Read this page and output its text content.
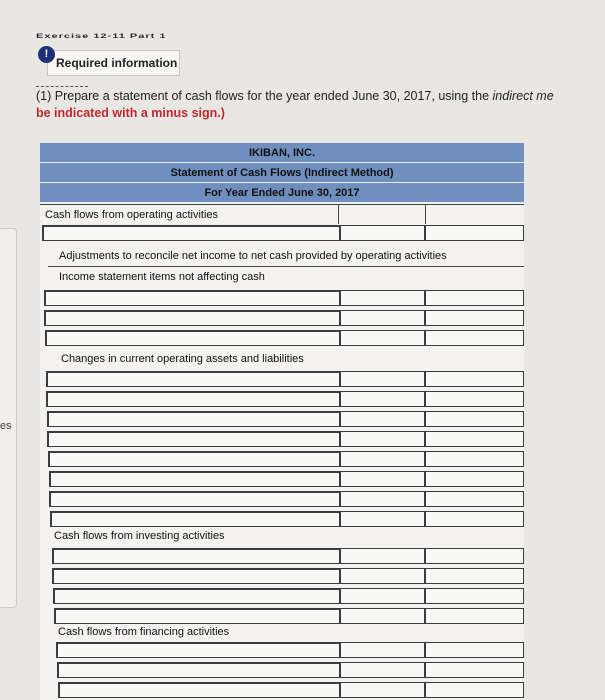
es
Exercise 12-11 Part 1
!
Required information
(1) Prepare a statement of cash flows for the year ended June 30, 2017, using the indirect me
be indicated with a minus sign.)
IKIBAN, INC.
Statement of Cash Flows (Indirect Method)
For Year Ended June 30, 2017
Cash flows from operating activities
Adjustments to reconcile net income to net cash provided by operating activities
Income statement items not affecting cash
Changes in current operating assets and liabilities
Cash flows from investing activities
Cash flows from financing activities
